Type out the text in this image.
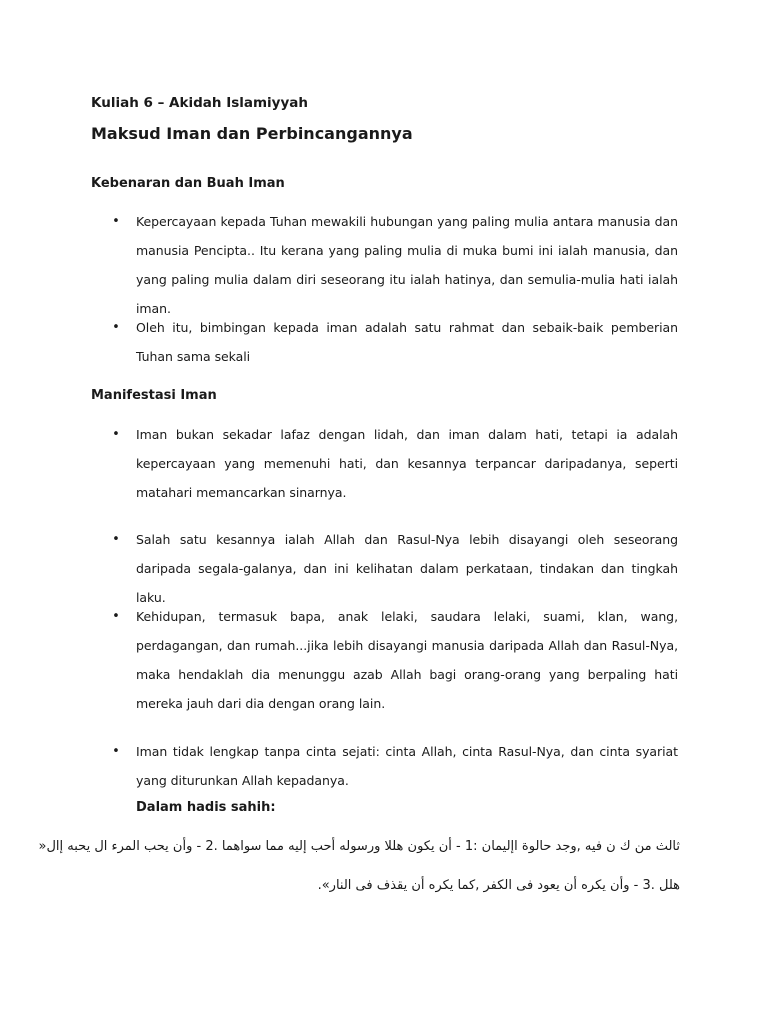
Kuliah 6 – Akidah Islamiyyah
Maksud Iman dan Perbincangannya
Kebenaran dan Buah Iman
• Kepercayaan kepada Tuhan mewakili hubungan yang paling mulia antara manusia dan manusia Pencipta.. Itu kerana yang paling mulia di muka bumi ini ialah manusia, dan yang paling mulia dalam diri seseorang itu ialah hatinya, dan semulia-mulia hati ialah iman.
• Oleh itu, bimbingan kepada iman adalah satu rahmat dan sebaik-baik pemberian Tuhan sama sekali
Manifestasi Iman
• Iman bukan sekadar lafaz dengan lidah, dan iman dalam hati, tetapi ia adalah kepercayaan yang memenuhi hati, dan kesannya terpancar daripadanya, seperti matahari memancarkan sinarnya.
• Salah satu kesannya ialah Allah dan Rasul-Nya lebih disayangi oleh seseorang daripada segala-galanya, dan ini kelihatan dalam perkataan, tindakan dan tingkah laku.
• Kehidupan, termasuk bapa, anak lelaki, saudara lelaki, suami, klan, wang, perdagangan, dan rumah...jika lebih disayangi manusia daripada Allah dan Rasul-Nya, maka hendaklah dia menunggu azab Allah bagi orang-orang yang berpaling hati mereka jauh dari dia dengan orang lain.
• Iman tidak lengkap tanpa cinta sejati: cinta Allah, cinta Rasul-Nya, dan cinta syariat yang diturunkan Allah kepadanya.
Dalam hadis sahih:
ثالث من ك ن فيه ,وجد حالوة اإليمان :1 - أن يكون هللا ورسوله أحب إليه مما سواهما .2 - وأن يحب المرء ال يحبه إال«
هلل .3 - وأن يكره أن يعود فى الكفر ,كما يكره أن يقذف فى النار».
